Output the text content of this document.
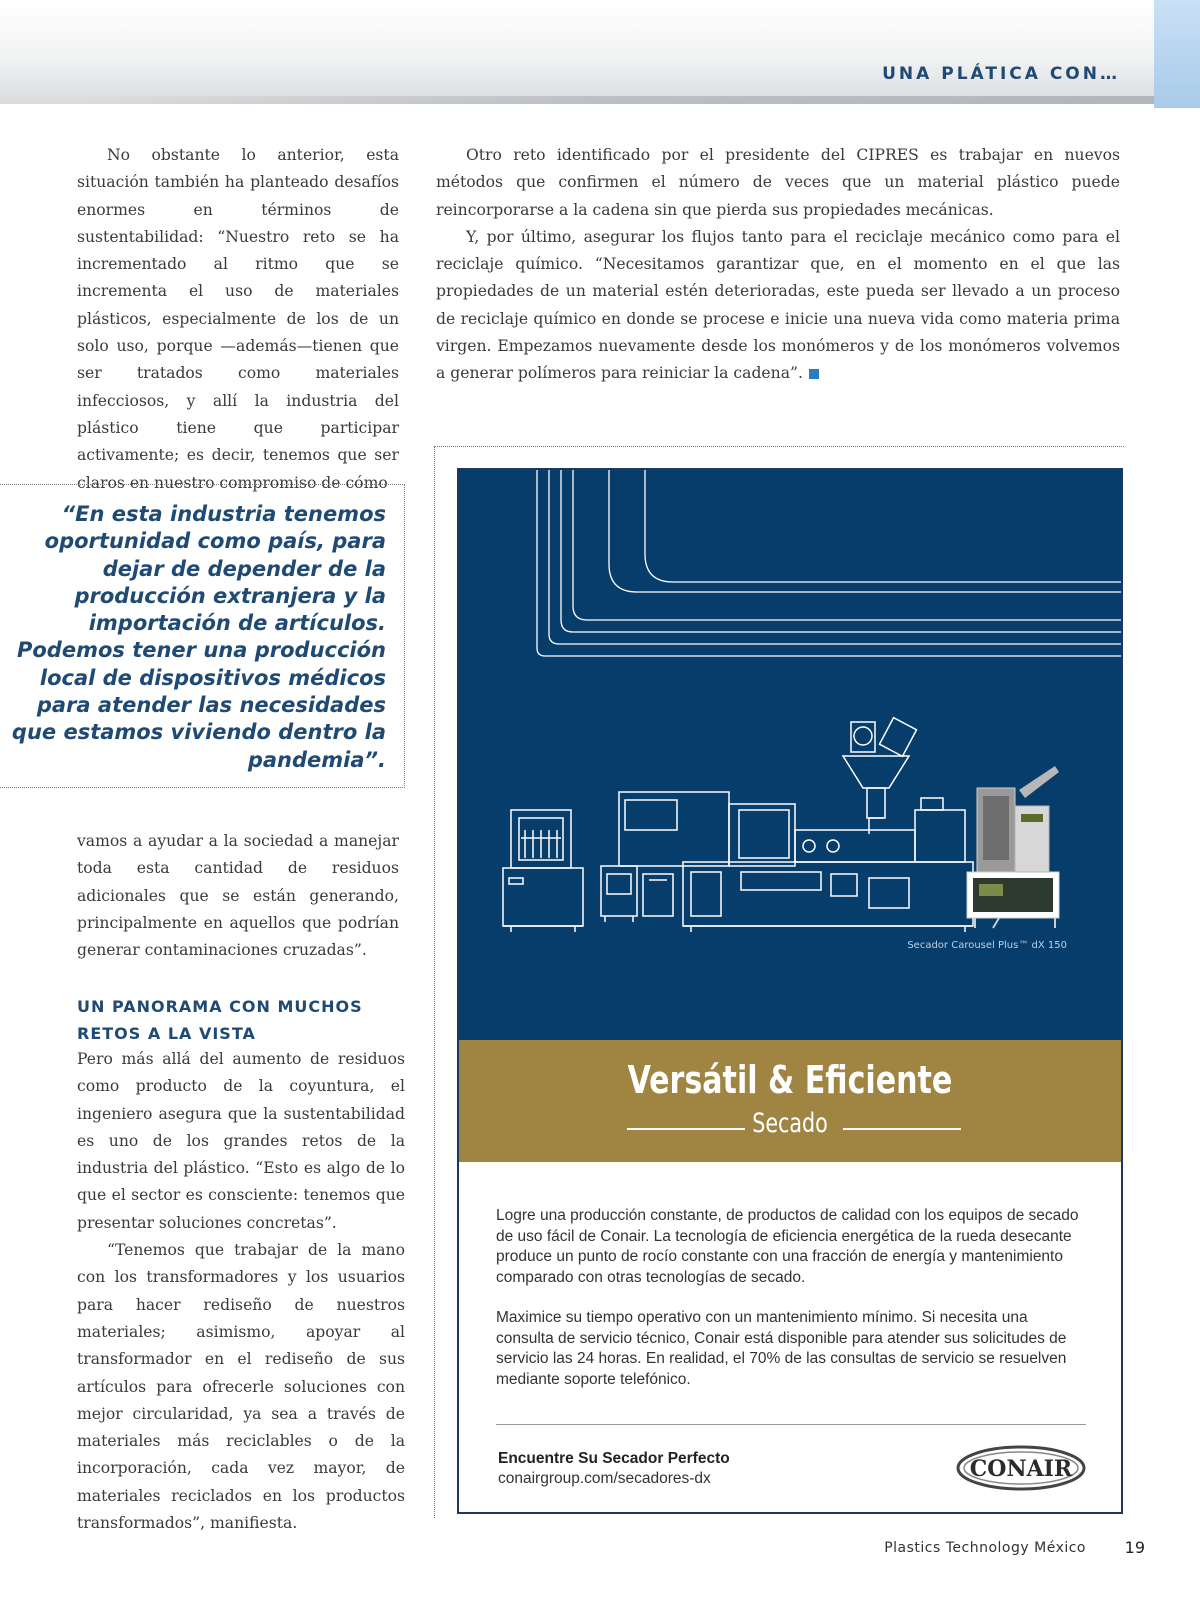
UNA PLÁTICA CON…

No obstante lo anterior, esta situación también ha planteado desafíos enormes en términos de sustentabilidad: “Nuestro reto se ha incrementado al ritmo que se incrementa el uso de materiales plásticos, especialmente de los de un solo uso, porque —además—tienen que ser tratados como materiales infecciosos, y allí la industria del plástico tiene que participar activamente; es decir, tenemos que ser claros en nuestro compromiso de cómo

Otro reto identificado por el presidente del CIPRES es trabajar en nuevos métodos que confirmen el número de veces que un material plástico puede reincorporarse a la cadena sin que pierda sus propiedades mecánicas.

Y, por último, asegurar los flujos tanto para el reciclaje mecánico como para el reciclaje químico. “Necesitamos garantizar que, en el momento en el que las propiedades de un material estén deterioradas, este pueda ser llevado a un proceso de reciclaje químico en donde se procese e inicie una nueva vida como materia prima virgen. Empezamos nuevamente desde los monómeros y de los monómeros volvemos a generar polímeros para reiniciar la cadena”.

“En esta industria tenemos oportunidad como país, para dejar de depender de la producción extranjera y la importación de artículos. Podemos tener una producción local de dispositivos médicos para atender las necesidades que estamos viviendo dentro la pandemia”.

vamos a ayudar a la sociedad a manejar toda esta cantidad de residuos adicionales que se están generando, principalmente en aquellos que podrían generar contaminaciones cruzadas”.

UN PANORAMA CON MUCHOS RETOS A LA VISTA

Pero más allá del aumento de residuos como producto de la coyuntura, el ingeniero asegura que la sustentabilidad es uno de los grandes retos de la industria del plástico. “Esto es algo de lo que el sector es consciente: tenemos que presentar soluciones concretas”.

“Tenemos que trabajar de la mano con los transformadores y los usuarios para hacer rediseño de nuestros materiales; asimismo, apoyar al transformador en el rediseño de sus artículos para ofrecerle soluciones con mejor circularidad, ya sea a través de materiales más reciclables o de la incorporación, cada vez mayor, de materiales reciclados en los productos transformados”, manifiesta.

Secador Carousel Plus™ dX 150
Versátil & Eficiente
Secado

Logre una producción constante, de productos de calidad con los equipos de secado de uso fácil de Conair. La tecnología de eficiencia energética de la rueda desecante produce un punto de rocío constante con una fracción de energía y mantenimiento comparado con otras tecnologías de secado.

Maximice su tiempo operativo con un mantenimiento mínimo. Si necesita una consulta de servicio técnico, Conair está disponible para atender sus solicitudes de servicio las 24 horas. En realidad, el 70% de las consultas de servicio se resuelven mediante soporte telefónico.

Encuentre Su Secador Perfecto
conairgroup.com/secadores-dx	CONAIR
Plastics Technology México 19
